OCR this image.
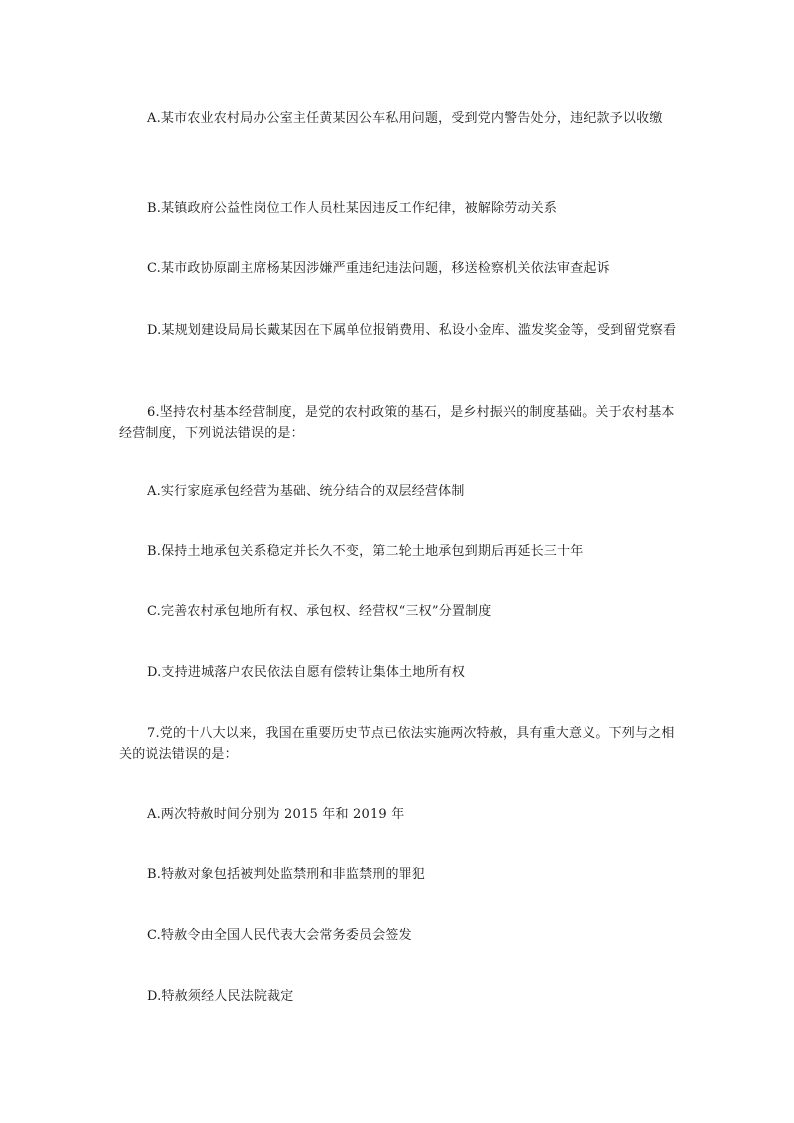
A.某市农业农村局办公室主任黄某因公车私用问题，受到党内警告处分，违纪款予以收缴

B.某镇政府公益性岗位工作人员杜某因违反工作纪律，被解除劳动关系

C.某市政协原副主席杨某因涉嫌严重违纪违法问题，移送检察机关依法审查起诉

D.某规划建设局局长戴某因在下属单位报销费用、私设小金库、滥发奖金等，受到留党察看

6.坚持农村基本经营制度，是党的农村政策的基石，是乡村振兴的制度基础。关于农村基本经营制度，下列说法错误的是：

A.实行家庭承包经营为基础、统分结合的双层经营体制

B.保持土地承包关系稳定并长久不变，第二轮土地承包到期后再延长三十年

C.完善农村承包地所有权、承包权、经营权“三权”分置制度

D.支持进城落户农民依法自愿有偿转让集体土地所有权

7.党的十八大以来，我国在重要历史节点已依法实施两次特赦，具有重大意义。下列与之相关的说法错误的是：

A.两次特赦时间分别为 2015 年和 2019 年

B.特赦对象包括被判处监禁刑和非监禁刑的罪犯

C.特赦令由全国人民代表大会常务委员会签发

D.特赦须经人民法院裁定
